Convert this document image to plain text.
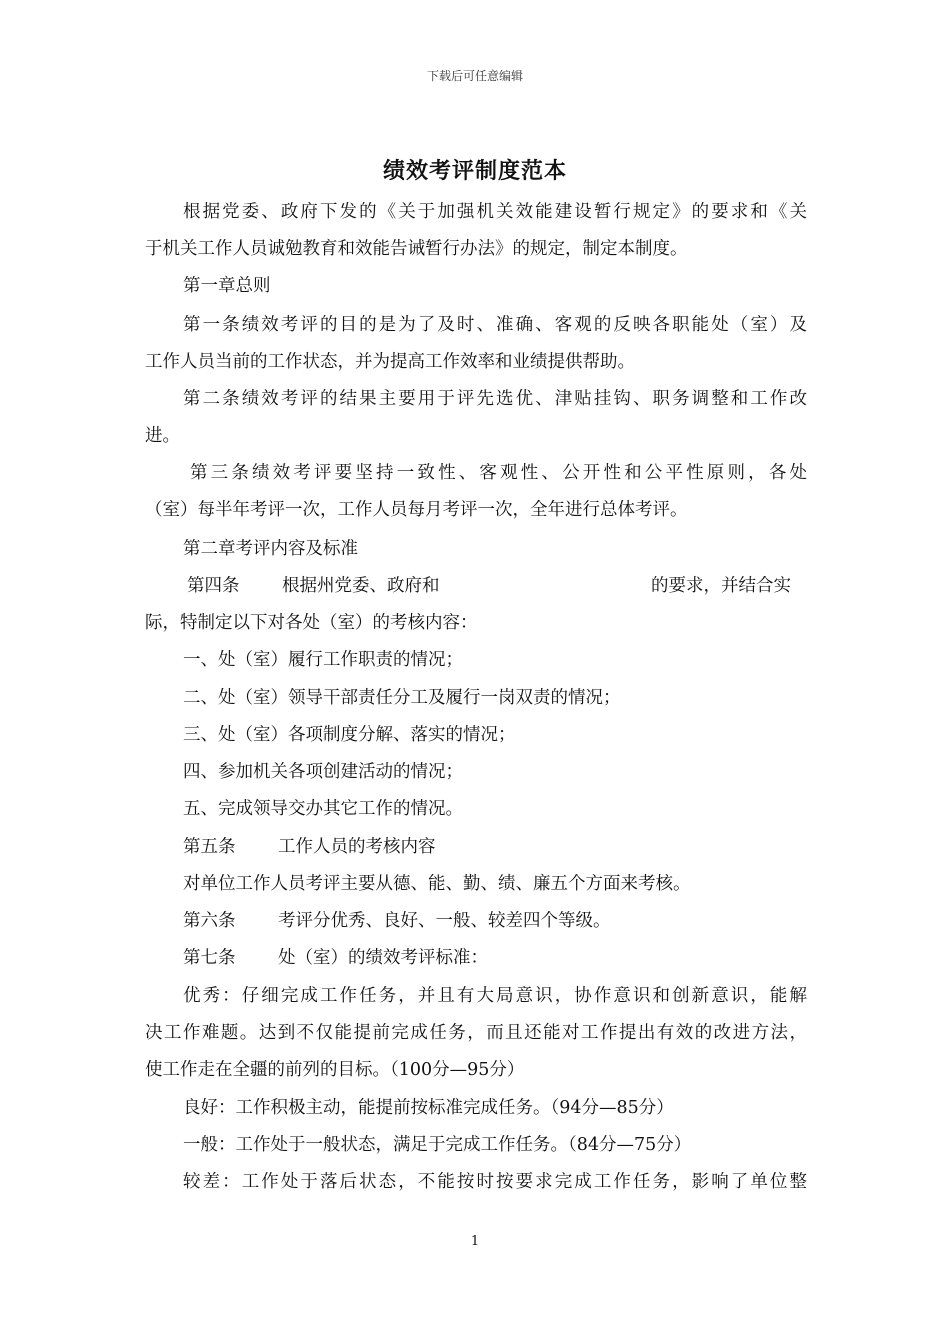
下载后可任意编辑
绩效考评制度范本
根据党委、政府下发的《关于加强机关效能建设暂行规定》的要求和《关
于机关工作人员诚勉教育和效能告诫暂行办法》的规定，制定本制度。
第一章总则
第一条绩效考评的目的是为了及时、准确、客观的反映各职能处（室）及
工作人员当前的工作状态，并为提高工作效率和业绩提供帮助。
第二条绩效考评的结果主要用于评先选优、津贴挂钩、职务调整和工作改
进。
第三条绩效考评要坚持一致性、客观性、公开性和公平性原则，各处
（室）每半年考评一次，工作人员每月考评一次，全年进行总体考评。
第二章考评内容及标准
第四条 根据州党委、政府和	的要求，并结合实
际，特制定以下对各处（室）的考核内容：
一、处（室）履行工作职责的情况；
二、处（室）领导干部责任分工及履行一岗双责的情况；
三、处（室）各项制度分解、落实的情况；
四、参加机关各项创建活动的情况；
五、完成领导交办其它工作的情况。
第五条 工作人员的考核内容
对单位工作人员考评主要从德、能、勤、绩、廉五个方面来考核。
第六条 考评分优秀、良好、一般、较差四个等级。
第七条 处（室）的绩效考评标准：
优秀：仔细完成工作任务，并且有大局意识，协作意识和创新意识，能解
决工作难题。达到不仅能提前完成任务，而且还能对工作提出有效的改进方法，
使工作走在全疆的前列的目标。（100分—95分）
良好：工作积极主动，能提前按标准完成任务。（94分—85分）
一般：工作处于一般状态，满足于完成工作任务。（84分—75分）
较差：工作处于落后状态，不能按时按要求完成工作任务，影响了单位整
1
